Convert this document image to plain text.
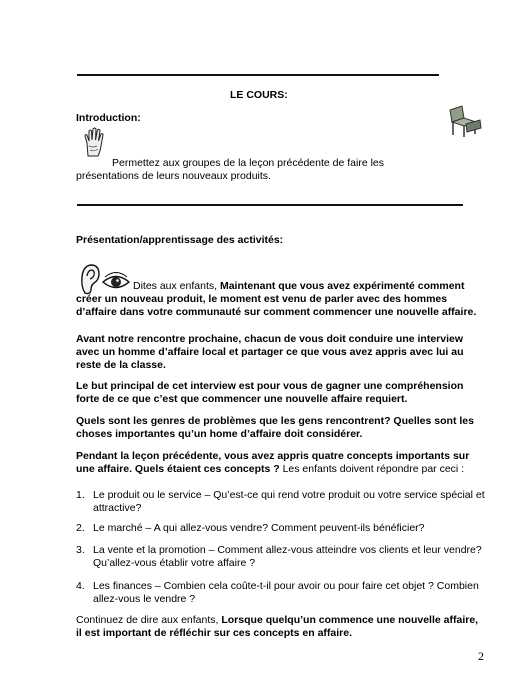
LE COURS:
Introduction:

Permettez aux groupes de la leçon précédente de faire les présentations de leurs nouveaux produits.

Présentation/apprentissage des activités:

Dites aux enfants, Maintenant que vous avez expérimenté comment créer un nouveau produit, le moment est venu de parler avec des hommes d’affaire dans votre communauté sur comment commencer une nouvelle affaire.

Avant notre rencontre prochaine, chacun de vous doit conduire une interview avec un homme d’affaire local et partager ce que vous avez appris avec lui au reste de la classe.

Le but principal de cet interview est pour vous de gagner une compréhension forte de ce que c’est que commencer une nouvelle affaire requiert.

Quels sont les genres de problèmes que les gens rencontrent? Quelles sont les choses importantes qu’un home d’affaire doit considérer.

Pendant la leçon précédente, vous avez appris quatre concepts importants sur une affaire. Quels étaient ces concepts ? Les enfants doivent répondre par ceci :

1. Le produit ou le service – Qu’est-ce qui rend votre produit ou votre service spécial et attractive?
2. Le marché – A qui allez-vous vendre? Comment peuvent-ils bénéficier?
3. La vente et la promotion – Comment allez-vous atteindre vos clients et leur vendre? Qu’allez-vous établir votre affaire ?
4. Les finances – Combien cela coûte-t-il pour avoir ou pour faire cet objet ? Combien allez-vous le vendre ?

Continuez de dire aux enfants, Lorsque quelqu’un commence une nouvelle affaire, il est important de réfléchir sur ces concepts en affaire.

2
